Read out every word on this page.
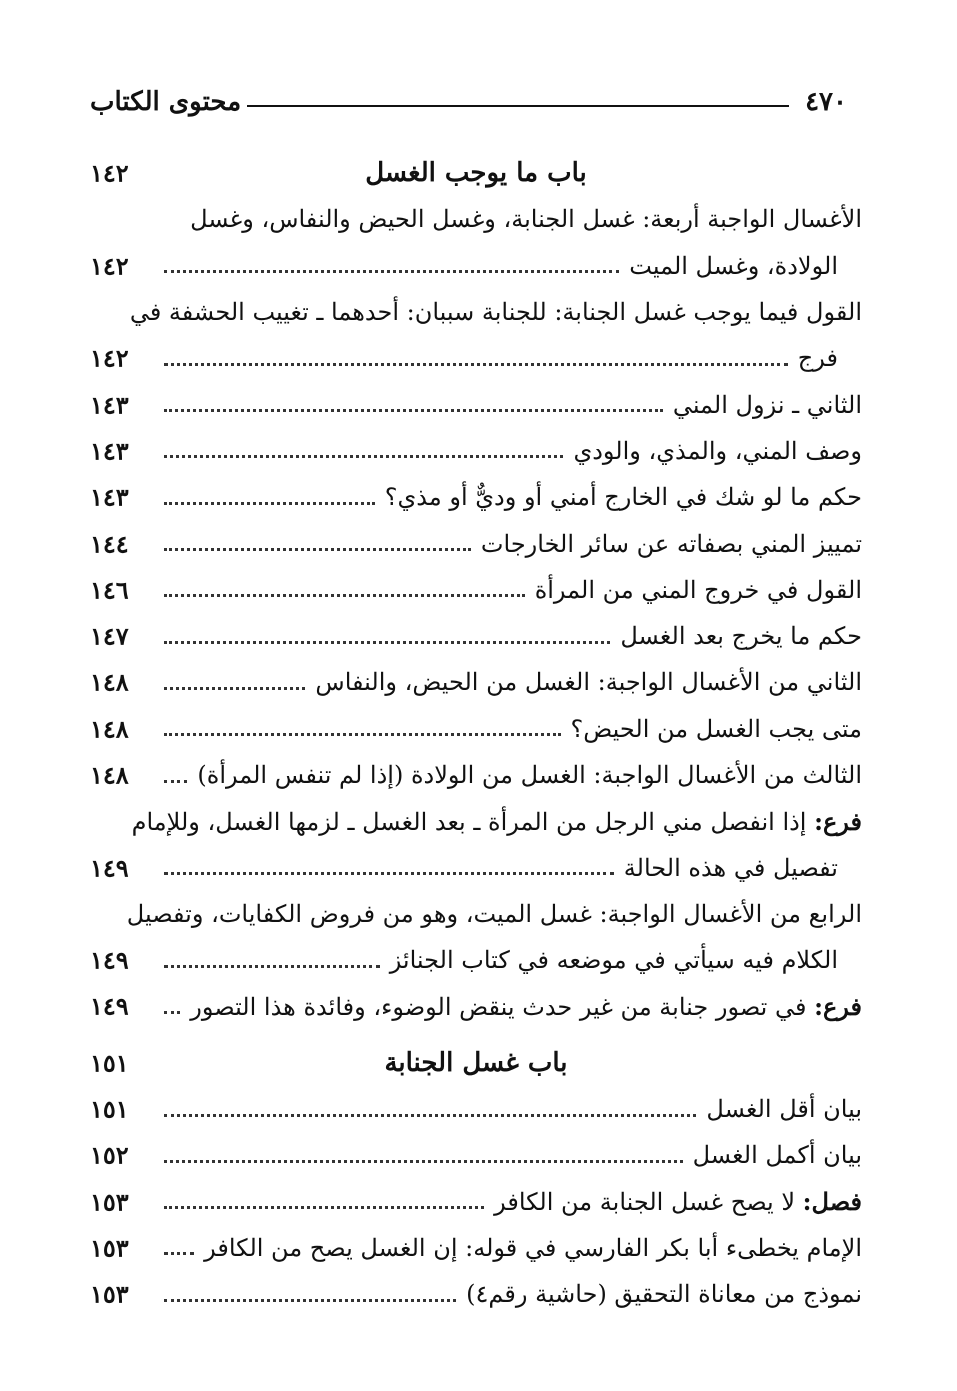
٤٧٠
محتوى الكتاب
باب ما يوجب الغسل
١٤٢
الأغسال الواجبة أربعة: غسل الجنابة، وغسل الحيض والنفاس، وغسل
الولادة، وغسل الميت
١٤٢
القول فيما يوجب غسل الجنابة: للجنابة سببان: أحدهما ـ تغييب الحشفة في
فرج
١٤٢
الثاني ـ نزول المني
١٤٣
وصف المني، والمذي، والودي
١٤٣
حكم ما لو شك في الخارج أمني أو وديٌّ أو مذي؟
١٤٣
تمييز المني بصفاته عن سائر الخارجات
١٤٤
القول في خروج المني من المرأة
١٤٦
حكم ما يخرج بعد الغسل
١٤٧
الثاني من الأغسال الواجبة: الغسل من الحيض، والنفاس
١٤٨
متى يجب الغسل من الحيض؟
١٤٨
الثالث من الأغسال الواجبة: الغسل من الولادة (إذا لم تنفس المرأة)
١٤٨
فرع: إذا انفصل مني الرجل من المرأة ـ بعد الغسل ـ لزمها الغسل، وللإمام
تفصيل في هذه الحالة
١٤٩
الرابع من الأغسال الواجبة: غسل الميت، وهو من فروض الكفايات، وتفصيل
الكلام فيه سيأتي في موضعه في كتاب الجنائز
١٤٩
فرع: في تصور جنابة من غير حدث ينقض الوضوء، وفائدة هذا التصور
١٤٩
باب غسل الجنابة
١٥١
بيان أقل الغسل
١٥١
بيان أكمل الغسل
١٥٢
فصل: لا يصح غسل الجنابة من الكافر
١٥٣
الإمام يخطىء أبا بكر الفارسي في قوله: إن الغسل يصح من الكافر
١٥٣
نموذج من معاناة التحقيق (حاشية رقم٤)
١٥٣
